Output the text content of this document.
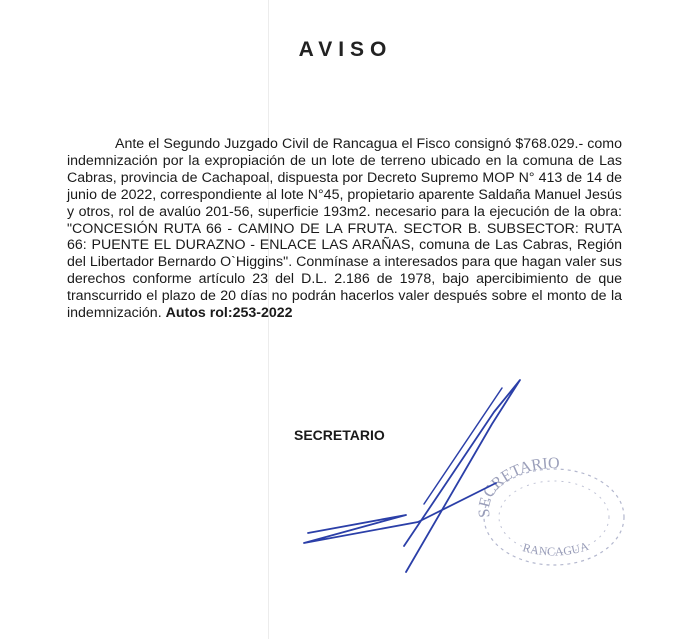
AVISO

Ante el Segundo Juzgado Civil de Rancagua el Fisco consignó $768.029.- como indemnización por la expropiación de un lote de terreno ubicado en la comuna de Las Cabras, provincia de Cachapoal, dispuesta por Decreto Supremo MOP N° 413 de 14 de junio de 2022, correspondiente al lote N°45, propietario aparente Saldaña Manuel Jesús y otros, rol de avalúo 201-56, superficie 193m2. necesario para la ejecución de la obra: "CONCESIÓN RUTA 66 - CAMINO DE LA FRUTA. SECTOR B. SUBSECTOR: RUTA 66: PUENTE EL DURAZNO - ENLACE LAS ARAÑAS, comuna de Las Cabras, Región del Libertador Bernardo O`Higgins". Conmínase a interesados para que hagan valer sus derechos conforme artículo 23 del D.L. 2.186 de 1978, bajo apercibimiento de que transcurrido el plazo de 20 días no podrán hacerlos valer después sobre el monto de la indemnización. Autos rol:253-2022

SECRETARIO
SECRETARIO
RANCAGUA
